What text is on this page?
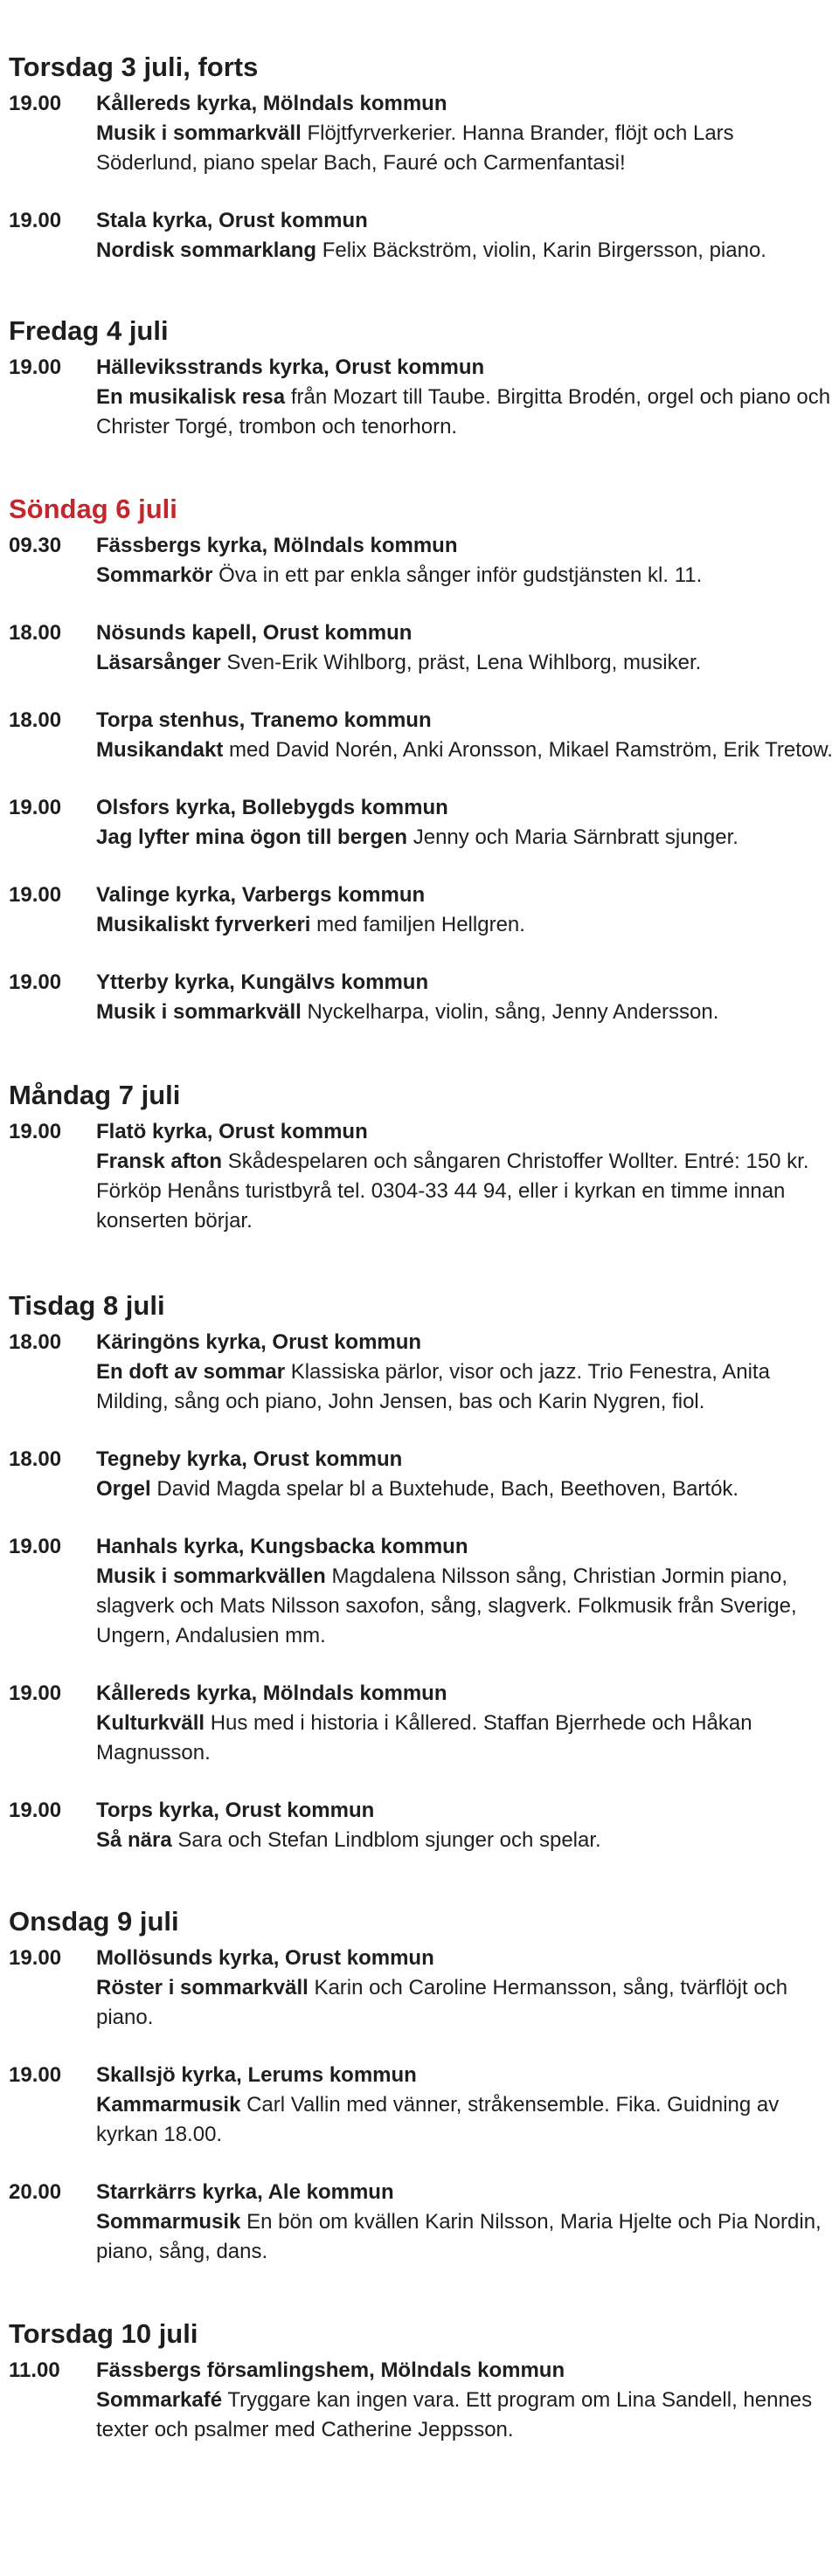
Torsdag 3 juli, forts
19.00	Kållereds kyrka, Mölndals kommun
Musik i sommarkväll Flöjtfyrverkerier. Hanna Brander, flöjt och Lars Söderlund, piano spelar Bach, Fauré och Carmenfantasi!
19.00	Stala kyrka, Orust kommun
Nordisk sommarklang Felix Bäckström, violin, Karin Birgersson, piano.
Fredag 4 juli
19.00	Hälleviksstrands kyrka, Orust kommun
En musikalisk resa från Mozart till Taube. Birgitta Brodén, orgel och piano och Christer Torgé, trombon och tenorhorn.
Söndag 6 juli
09.30	Fässbergs kyrka, Mölndals kommun
Sommarkör Öva in ett par enkla sånger inför gudstjänsten kl. 11.
18.00	Nösunds kapell, Orust kommun
Läsarsånger Sven-Erik Wihlborg, präst, Lena Wihlborg, musiker.
18.00	Torpa stenhus, Tranemo kommun
Musikandakt med David Norén, Anki Aronsson, Mikael Ramström, Erik Tretow.
19.00	Olsfors kyrka, Bollebygds kommun
Jag lyfter mina ögon till bergen Jenny och Maria Särnbratt sjunger.
19.00	Valinge kyrka, Varbergs kommun
Musikaliskt fyrverkeri med familjen Hellgren.
19.00	Ytterby kyrka, Kungälvs kommun
Musik i sommarkväll Nyckelharpa, violin, sång, Jenny Andersson.
Måndag 7 juli
19.00	Flatö kyrka, Orust kommun
Fransk afton Skådespelaren och sångaren Christoffer Wollter. Entré: 150 kr. Förköp Henåns turistbyrå tel. 0304-33 44 94, eller i kyrkan en timme innan konserten börjar.
Tisdag 8 juli
18.00	Käringöns kyrka, Orust kommun
En doft av sommar Klassiska pärlor, visor och jazz. Trio Fenestra, Anita Milding, sång och piano, John Jensen, bas och Karin Nygren, fiol.
18.00	Tegneby kyrka, Orust kommun
Orgel David Magda spelar bl a Buxtehude, Bach, Beethoven, Bartók.
19.00	Hanhals kyrka, Kungsbacka kommun
Musik i sommarkvällen Magdalena Nilsson sång, Christian Jormin piano, slagverk och Mats Nilsson saxofon, sång, slagverk. Folkmusik från Sverige, Ungern, Andalusien mm.
19.00	Kållereds kyrka, Mölndals kommun
Kulturkväll Hus med i historia i Kållered. Staffan Bjerrhede och Håkan Magnusson.
19.00	Torps kyrka, Orust kommun
Så nära Sara och Stefan Lindblom sjunger och spelar.
Onsdag 9 juli
19.00	Mollösunds kyrka, Orust kommun
Röster i sommarkväll Karin och Caroline Hermansson, sång, tvärflöjt och piano.
19.00	Skallsjö kyrka, Lerums kommun
Kammarmusik Carl Vallin med vänner, stråkensemble. Fika. Guidning av kyrkan 18.00.
20.00	Starrkärrs kyrka, Ale kommun
Sommarmusik En bön om kvällen Karin Nilsson, Maria Hjelte och Pia Nordin, piano, sång, dans.
Torsdag 10 juli
11.00	Fässbergs församlingshem, Mölndals kommun
Sommarkafé Tryggare kan ingen vara. Ett program om Lina Sandell, hennes texter och psalmer med Catherine Jeppsson.
